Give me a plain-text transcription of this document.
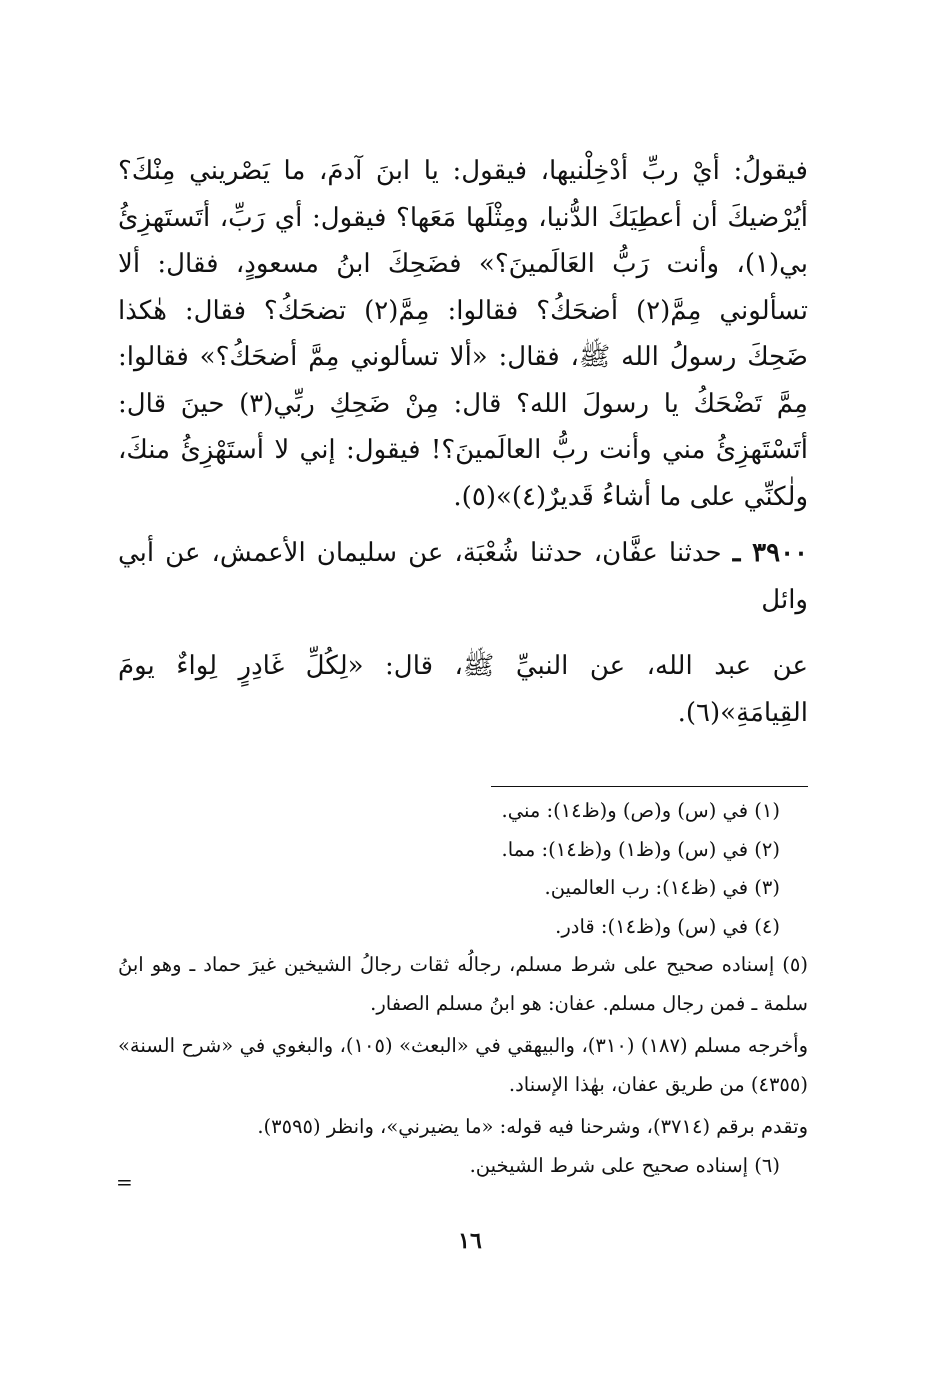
فيقولُ: أيْ ربِّ أدْخِلْنيها، فيقول: يا ابنَ آدمَ، ما يَصْريني مِنْكَ؟ أيُرْضيكَ أن أعطِيَكَ الدُّنيا، ومِثْلَها مَعَها؟ فيقول: أي رَبِّ، أتَستَهزِئُ بي(١)، وأنت رَبُّ العَالَمينَ؟» فضَحِكَ ابنُ مسعودٍ، فقال: ألا تسألوني مِمَّ(٢) أضحَكُ؟ فقالوا: مِمَّ(٢) تضحَكُ؟ فقال: هٰكذا ضَحِكَ رسولُ الله ﷺ، فقال: «ألا تسألوني مِمَّ أضحَكُ؟» فقالوا: مِمَّ تَضْحَكُ يا رسولَ الله؟ قال: مِنْ ضَحِكِ ربِّي(٣) حينَ قال: أتَسْتَهزِئُ مني وأنت ربُّ العالَمينَ؟! فيقول: إني لا أستَهْزِئُ منكَ، ولٰكنِّي على ما أشاءُ قَديرٌ(٤)»(٥).

٣٩٠٠ ـ حدثنا عفَّان، حدثنا شُعْبَة، عن سليمان الأعمش، عن أبي وائل

عن عبد الله، عن النبيِّ ﷺ، قال: «لِكُلِّ غَادِرٍ لِواءٌ يومَ القِيامَةِ»(٦).

(١) في (س) و(ص) و(ظ١٤): مني.

(٢) في (س) و(ظ١) و(ظ١٤): مما.

(٣) في (ظ١٤): رب العالمين.

(٤) في (س) و(ظ١٤): قادر.

(٥) إسناده صحيح على شرط مسلم، رجالُه ثقات رجالُ الشيخين غيرَ حماد ـ وهو ابنُ سلمة ـ فمن رجال مسلم. عفان: هو ابنُ مسلم الصفار.

وأخرجه مسلم (١٨٧) (٣١٠)، والبيهقي في «البعث» (١٠٥)، والبغوي في «شرح السنة» (٤٣٥٥) من طريق عفان، بهٰذا الإسناد.

وتقدم برقم (٣٧١٤)، وشرحنا فيه قوله: «ما يضيرني»، وانظر (٣٥٩٥).

(٦) إسناده صحيح على شرط الشيخين.

=
١٦
